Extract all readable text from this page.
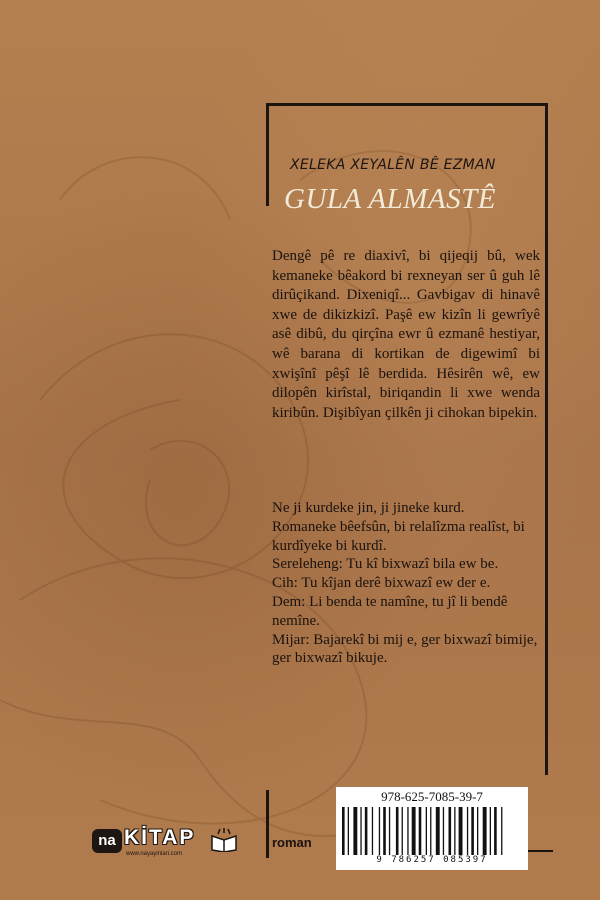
XELEKA XEYALÊN BÊ EZMAN
GULA ALMASTÊ
Dengê pê re diaxivî, bi qijeqij bû, wek kemaneke bêakord bi rexneyan ser û guh lê dirûçikand. Dixeniqî... Gavbigav di hinavê xwe de dikizkizî. Paşê ew kizîn li gewrîyê asê dibû, du qirçîna ewr û ezmanê hestiyar, wê barana di kortikan de digewimî bi xwişînî pêşî lê berdida. Hêsirên wê, ew dilopên kirîstal, biriqandin li xwe wenda kiribûn. Dişibîyan çilkên ji cihokan bipekin.
Ne ji kurdeke jin, ji jineke kurd.
Romaneke bêefsûn, bi relalîzma realîst, bi kurdîyeke bi kurdî.
Sereleheng: Tu kî bixwazî bila ew be.
Cih: Tu kîjan derê bixwazî ew der e.
Dem: Li benda te namîne, tu jî li bendê nemîne.
Mijar: Bajarekî bi mij e, ger bixwazî bimije, ger bixwazî bikuje.
na KİTAP
www.nayayinlari.com
roman
978-625-7085-39-7
9 786257 085397
